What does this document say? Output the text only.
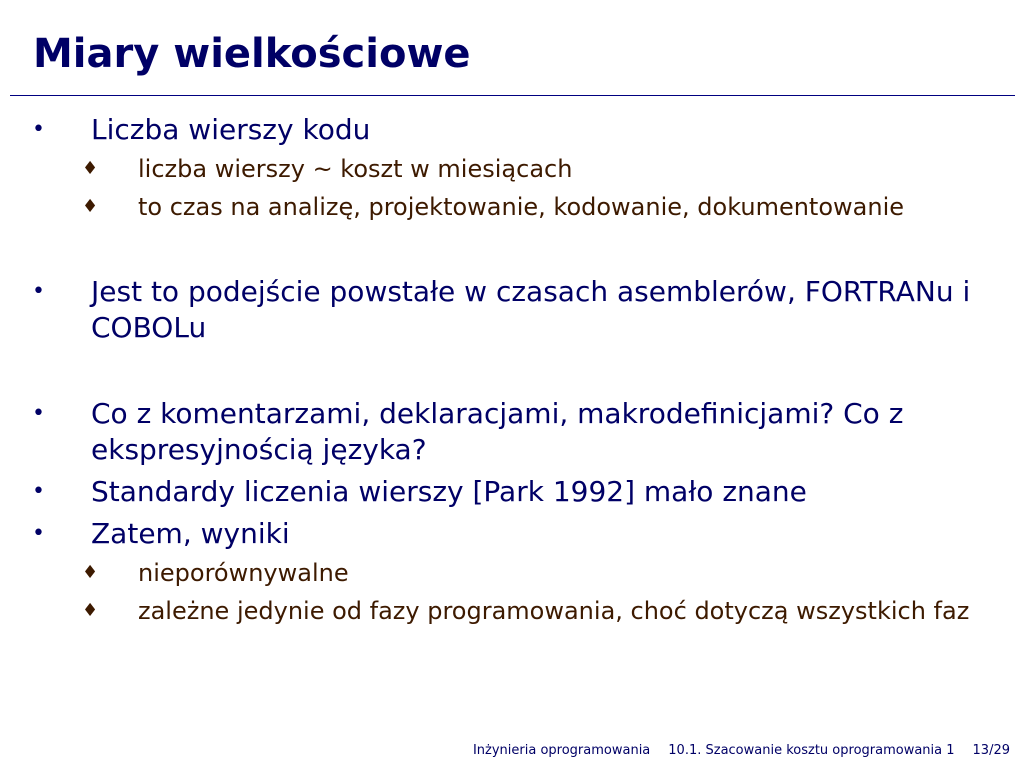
Miary wielkościowe
• Liczba wierszy kodu
♦ liczba wierszy ~ koszt w miesiącach
♦ to czas na analizę, projektowanie, kodowanie, dokumentowanie
• Jest to podejście powstałe w czasach asemblerów, FORTRANu i COBOLu
• Co z komentarzami, deklaracjami, makrodefinicjami? Co z ekspresyjnością języka?
• Standardy liczenia wierszy [Park 1992] mało znane
• Zatem, wyniki
♦ nieporównywalne
♦ zależne jedynie od fazy programowania, choć dotyczą wszystkich faz
Inżynieria oprogramowania 10.1. Szacowanie kosztu oprogramowania 1 13/29
